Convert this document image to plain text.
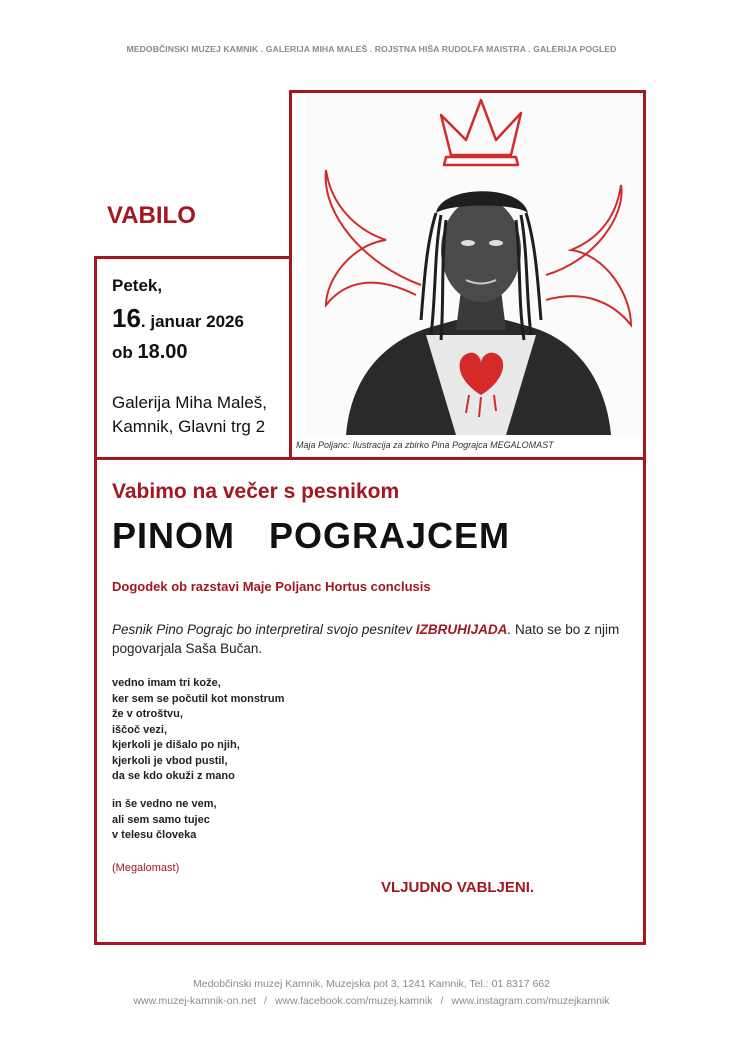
MEDOBČINSKI MUZEJ KAMNIK . GALERIJA MIHA MALEŠ . ROJSTNA HIŠA RUDOLFA MAISTRA . GALERIJA POGLED
VABILO
Petek,
16. januar 2026
ob 18.00
Galerija Miha Maleš,
Kamnik, Glavni trg 2
Maja Poljanc: Ilustracija za zbirko Pina Pograjca MEGALOMAST
Vabimo na večer s pesnikom
PINOM  POGRAJCEM
Dogodek ob razstavi Maje Poljanc Hortus conclusis
Pesnik Pino Pograjc bo interpretiral svojo pesnitev IZBRUHIJADA. Nato se bo z njim pogovarjala Saša Bučan.
vedno imam tri kože,
ker sem se počutil kot monstrum
že v otroštvu,
iščoč vezi,
kjerkoli je dišalo po njih,
kjerkoli je vbod pustil,
da se kdo okuži z mano
in še vedno ne vem,
ali sem samo tujec
v telesu človeka
(Megalomast)
VLJUDNO VABLJENI.
Medobčinski muzej Kamnik, Muzejska pot 3, 1241 Kamnik, Tel.: 01 8317 662
www.muzej-kamnik-on.net / www.facebook.com/muzej.kamnik / www.instagram.com/muzejkamnik
